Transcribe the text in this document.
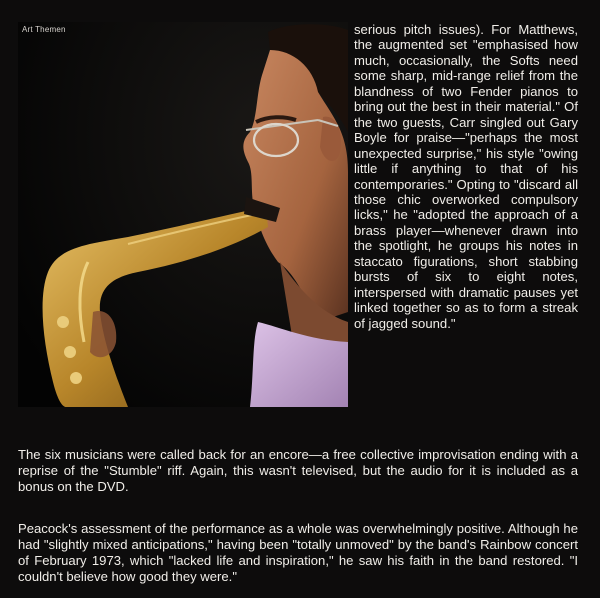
Art Themen	serious pitch issues). For Matthews, the augmented set "emphasised how much, occasionally, the Softs need some sharp, mid-range relief from the blandness of two Fender pianos to bring out the best in their material." Of the two guests, Carr singled out Gary Boyle for praise—"perhaps the most unexpected surprise," his style "owing little if anything to that of his contemporaries." Opting to "discard all those chic overworked compulsory licks," he "adopted the approach of a brass player—whenever drawn into the spotlight, he groups his notes in staccato figurations, short stabbing bursts of six to eight notes, interspersed with dramatic pauses yet linked together so as to form a streak of jagged sound."

The six musicians were called back for an encore—a free collective improvisation ending with a reprise of the "Stumble" riff. Again, this wasn't televised, but the audio for it is included as a bonus on the DVD.

Peacock's assessment of the performance as a whole was overwhelmingly positive. Although he had "slightly mixed anticipations," having been "totally unmoved" by the band's Rainbow concert of February 1973, which "lacked life and inspiration," he saw his faith in the band restored. "I couldn't believe how good they were."
